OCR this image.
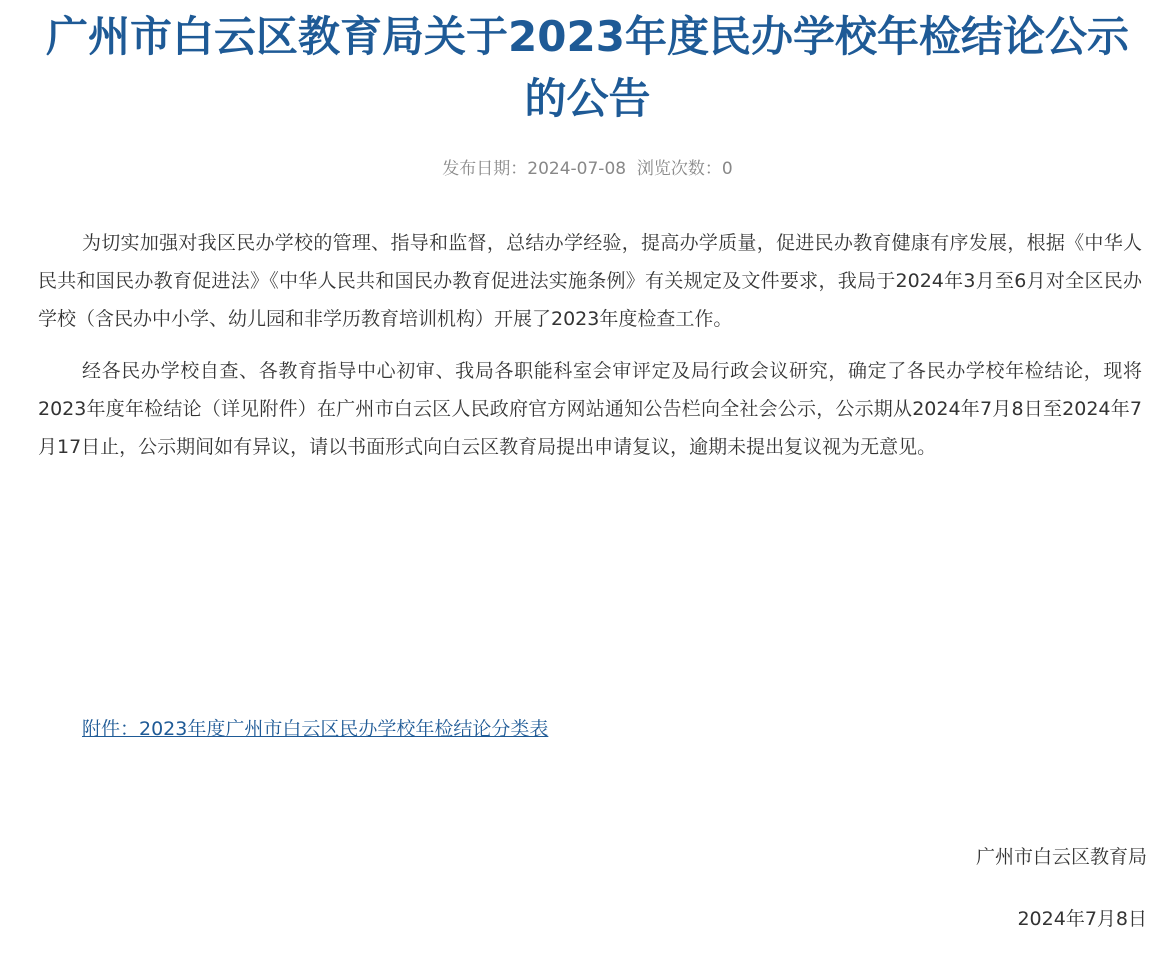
广州市白云区教育局关于2023年度民办学校年检结论公示的公告
发布日期：2024-07-08 浏览次数：0

为切实加强对我区民办学校的管理、指导和监督，总结办学经验，提高办学质量，促进民办教育健康有序发展，根据《中华人民共和国民办教育促进法》《中华人民共和国民办教育促进法实施条例》有关规定及文件要求，我局于2024年3月至6月对全区民办学校（含民办中小学、幼儿园和非学历教育培训机构）开展了2023年度检查工作。

经各民办学校自查、各教育指导中心初审、我局各职能科室会审评定及局行政会议研究，确定了各民办学校年检结论，现将2023年度年检结论（详见附件）在广州市白云区人民政府官方网站通知公告栏向全社会公示，公示期从2024年7月8日至2024年7月17日止，公示期间如有异议，请以书面形式向白云区教育局提出申请复议，逾期未提出复议视为无意见。

附件：2023年度广州市白云区民办学校年检结论分类表
广州市白云区教育局
2024年7月8日
